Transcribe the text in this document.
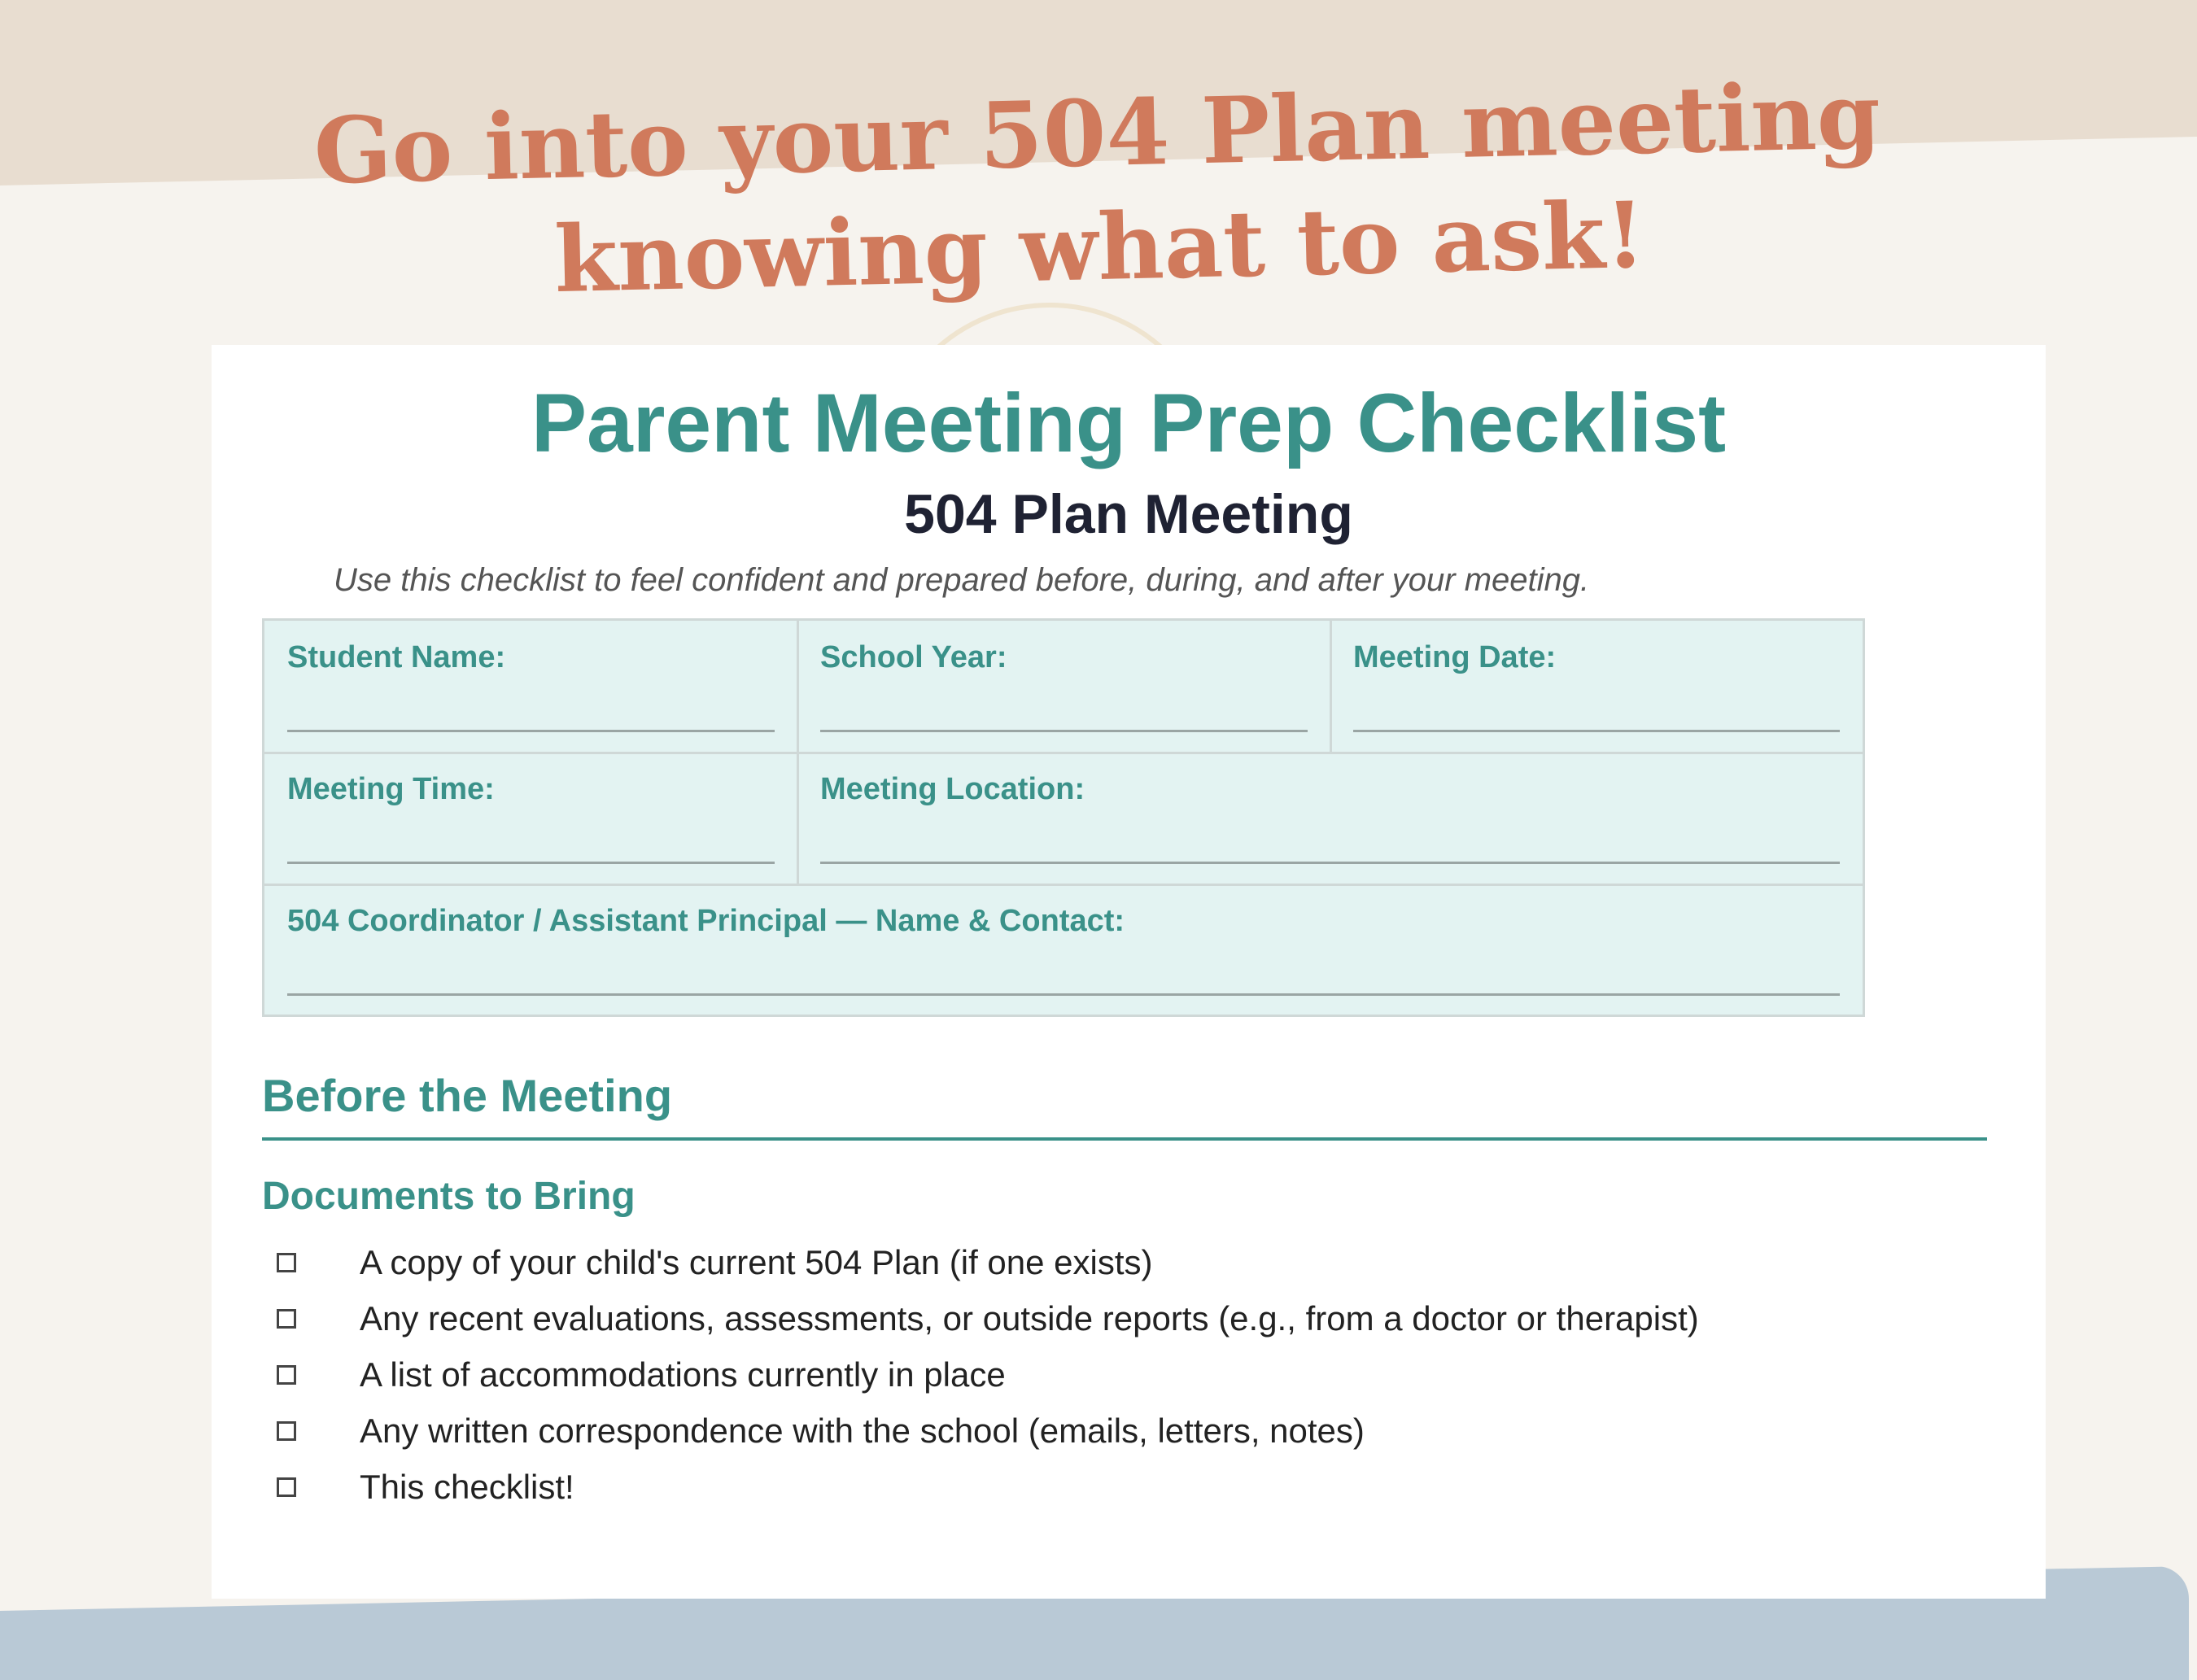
Go into your 504 Plan meeting
knowing what to ask!
Parent Meeting Prep Checklist
504 Plan Meeting

Use this checklist to feel confident and prepared before, during, and after your meeting.

Student Name:	School Year:	Meeting Date:
Meeting Time:	Meeting Location:
504 Coordinator / Assistant Principal — Name & Contact:
Before the Meeting
Documents to Bring
A copy of your child's current 504 Plan (if one exists)
Any recent evaluations, assessments, or outside reports (e.g., from a doctor or therapist)
A list of accommodations currently in place
Any written correspondence with the school (emails, letters, notes)
This checklist!
